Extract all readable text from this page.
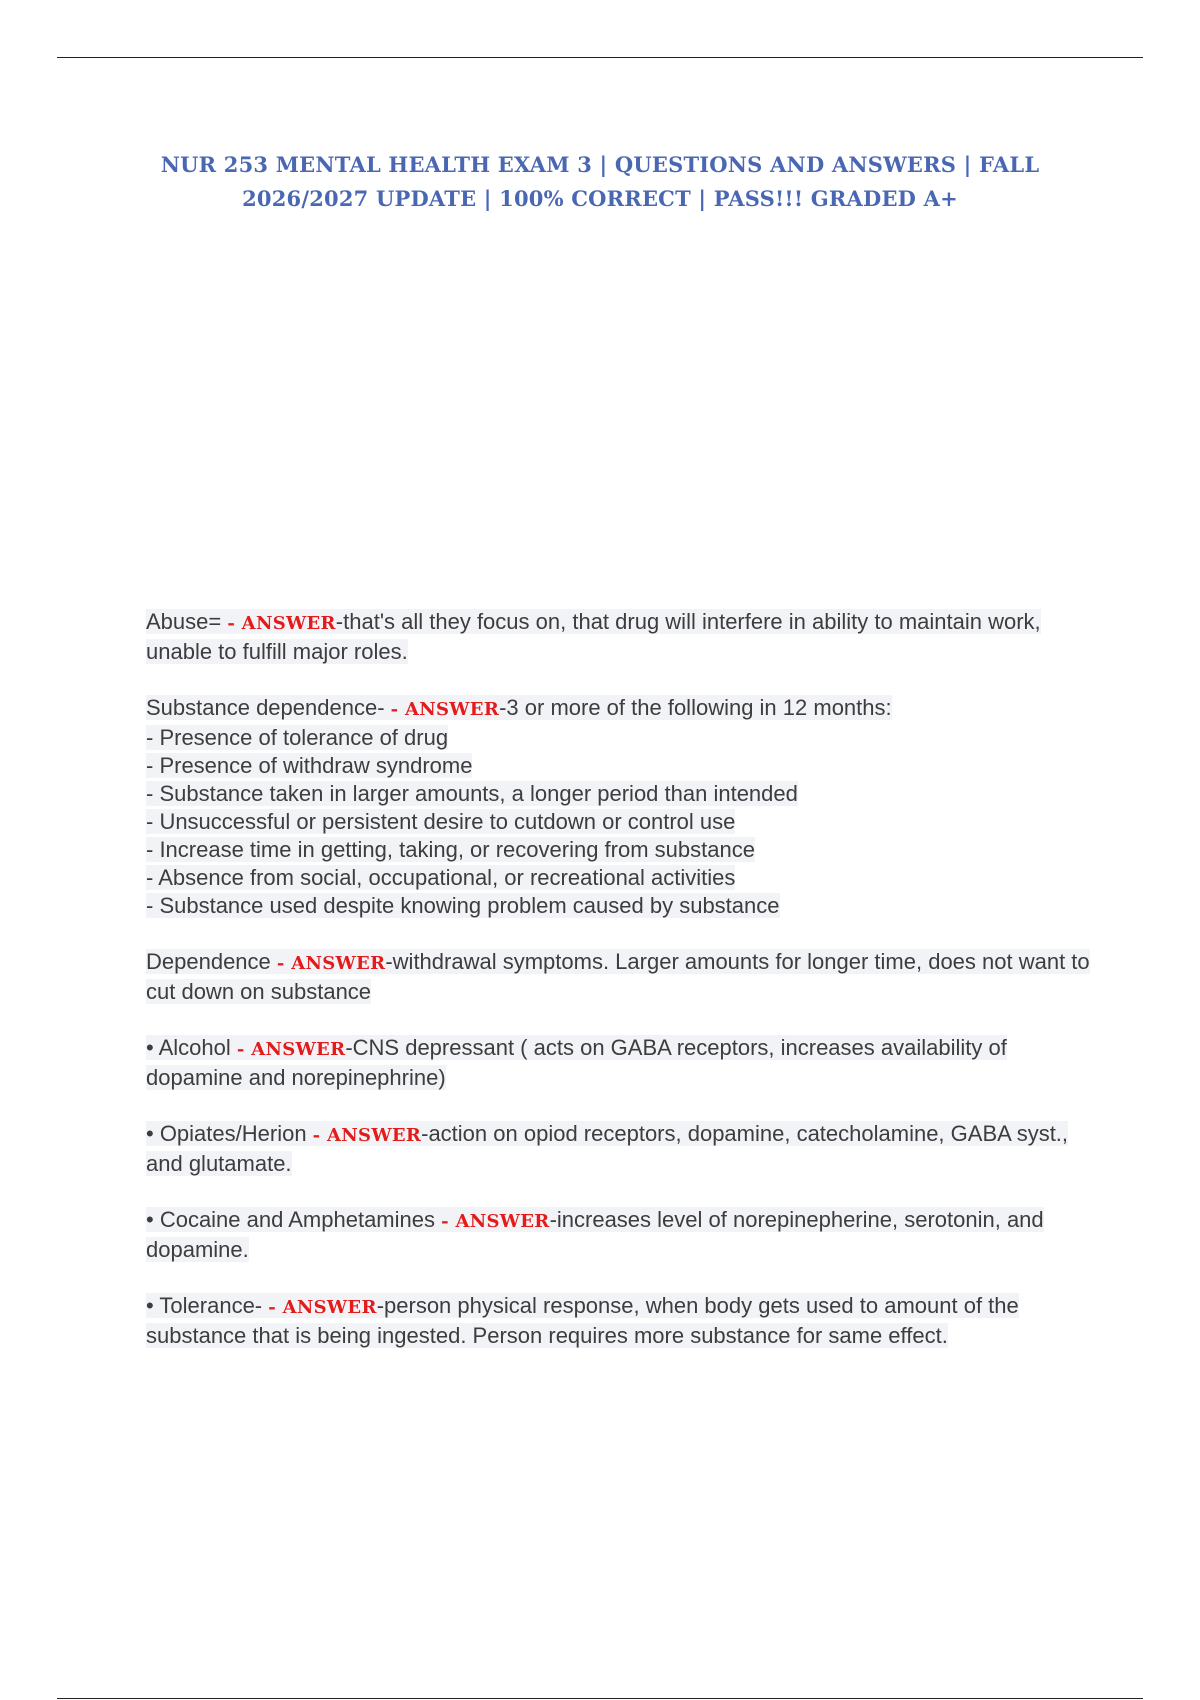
NUR 253 MENTAL HEALTH EXAM 3 | QUESTIONS AND ANSWERS | FALL
2026/2027 UPDATE | 100% CORRECT | PASS!!! GRADED A+
Abuse= - ANSWER-that's all they focus on, that drug will interfere in ability to maintain work, unable to fulfill major roles.
Substance dependence- - ANSWER-3 or more of the following in 12 months:
- Presence of tolerance of drug
- Presence of withdraw syndrome
- Substance taken in larger amounts, a longer period than intended
- Unsuccessful or persistent desire to cutdown or control use
- Increase time in getting, taking, or recovering from substance
- Absence from social, occupational, or recreational activities
- Substance used despite knowing problem caused by substance
Dependence - ANSWER-withdrawal symptoms. Larger amounts for longer time, does not want to cut down on substance
• Alcohol - ANSWER-CNS depressant ( acts on GABA receptors, increases availability of dopamine and norepinephrine)
• Opiates/Herion - ANSWER-action on opiod receptors, dopamine, catecholamine, GABA syst., and glutamate.
• Cocaine and Amphetamines - ANSWER-increases level of norepinepherine, serotonin, and dopamine.
• Tolerance- - ANSWER-person physical response, when body gets used to amount of the substance that is being ingested. Person requires more substance for same effect.
